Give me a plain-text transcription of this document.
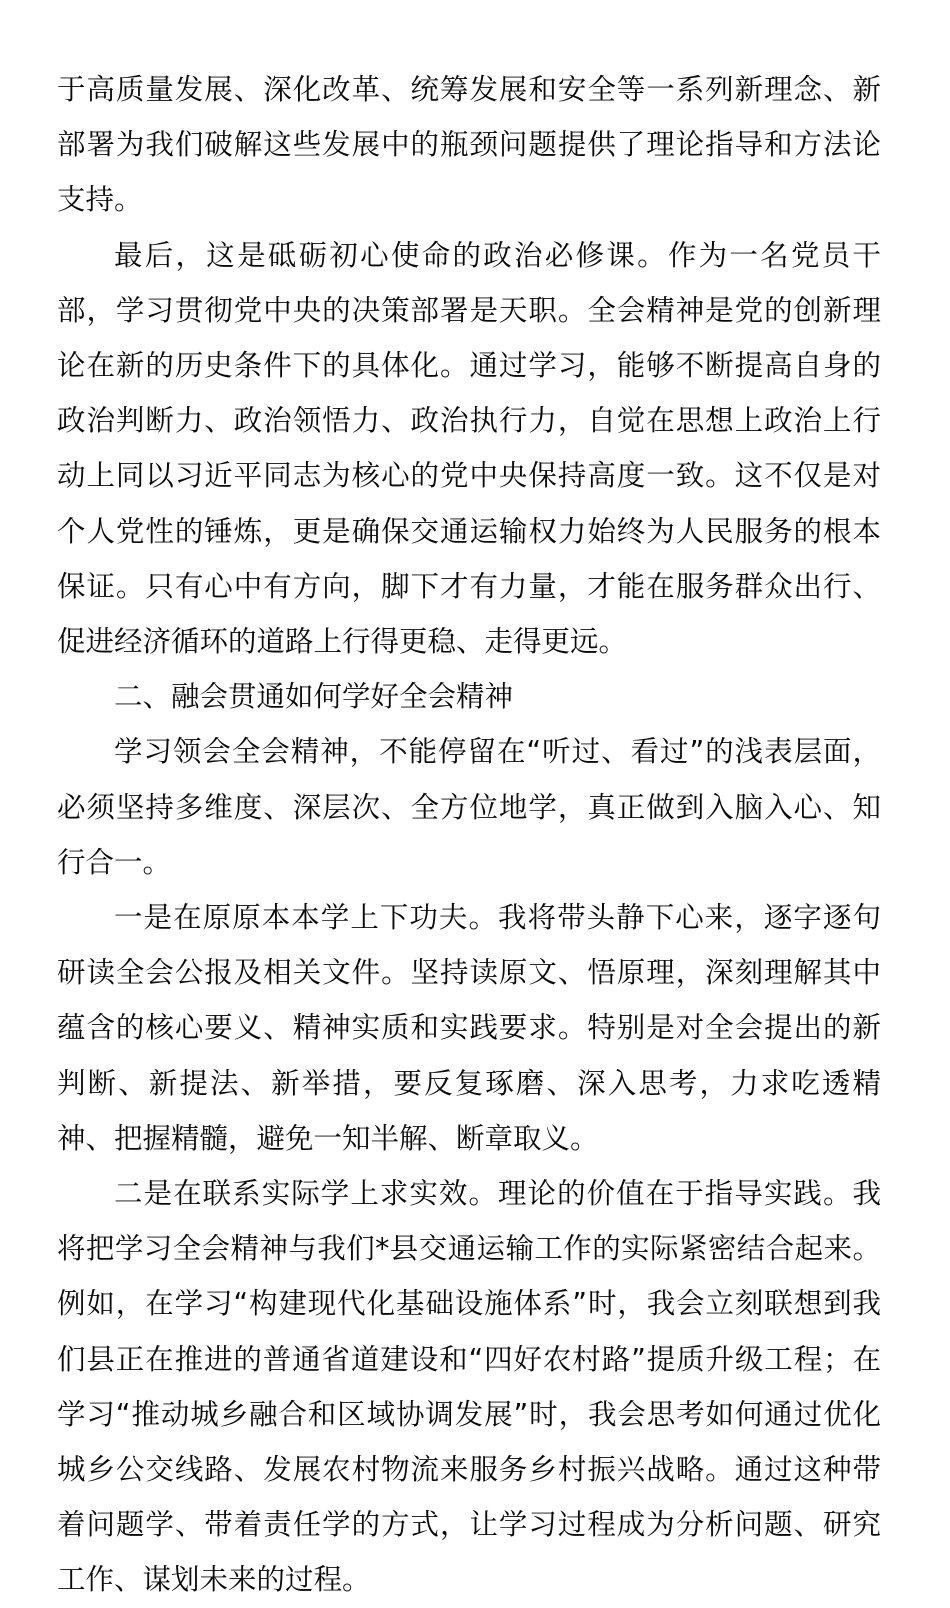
于高质量发展、深化改革、统筹发展和安全等一系列新理念、新部署为我们破解这些发展中的瓶颈问题提供了理论指导和方法论支持。

最后，这是砥砺初心使命的政治必修课。作为一名党员干部，学习贯彻党中央的决策部署是天职。全会精神是党的创新理论在新的历史条件下的具体化。通过学习，能够不断提高自身的政治判断力、政治领悟力、政治执行力，自觉在思想上政治上行动上同以习近平同志为核心的党中央保持高度一致。这不仅是对个人党性的锤炼，更是确保交通运输权力始终为人民服务的根本保证。只有心中有方向，脚下才有力量，才能在服务群众出行、促进经济循环的道路上行得更稳、走得更远。

二、融会贯通如何学好全会精神

学习领会全会精神，不能停留在“听过、看过”的浅表层面，必须坚持多维度、深层次、全方位地学，真正做到入脑入心、知行合一。

一是在原原本本学上下功夫。我将带头静下心来，逐字逐句研读全会公报及相关文件。坚持读原文、悟原理，深刻理解其中蕴含的核心要义、精神实质和实践要求。特别是对全会提出的新判断、新提法、新举措，要反复琢磨、深入思考，力求吃透精神、把握精髓，避免一知半解、断章取义。

二是在联系实际学上求实效。理论的价值在于指导实践。我将把学习全会精神与我们*县交通运输工作的实际紧密结合起来。例如，在学习“构建现代化基础设施体系”时，我会立刻联想到我们县正在推进的普通省道建设和“四好农村路”提质升级工程；在学习“推动城乡融合和区域协调发展”时，我会思考如何通过优化城乡公交线路、发展农村物流来服务乡村振兴战略。通过这种带着问题学、带着责任学的方式，让学习过程成为分析问题、研究工作、谋划未来的过程。
